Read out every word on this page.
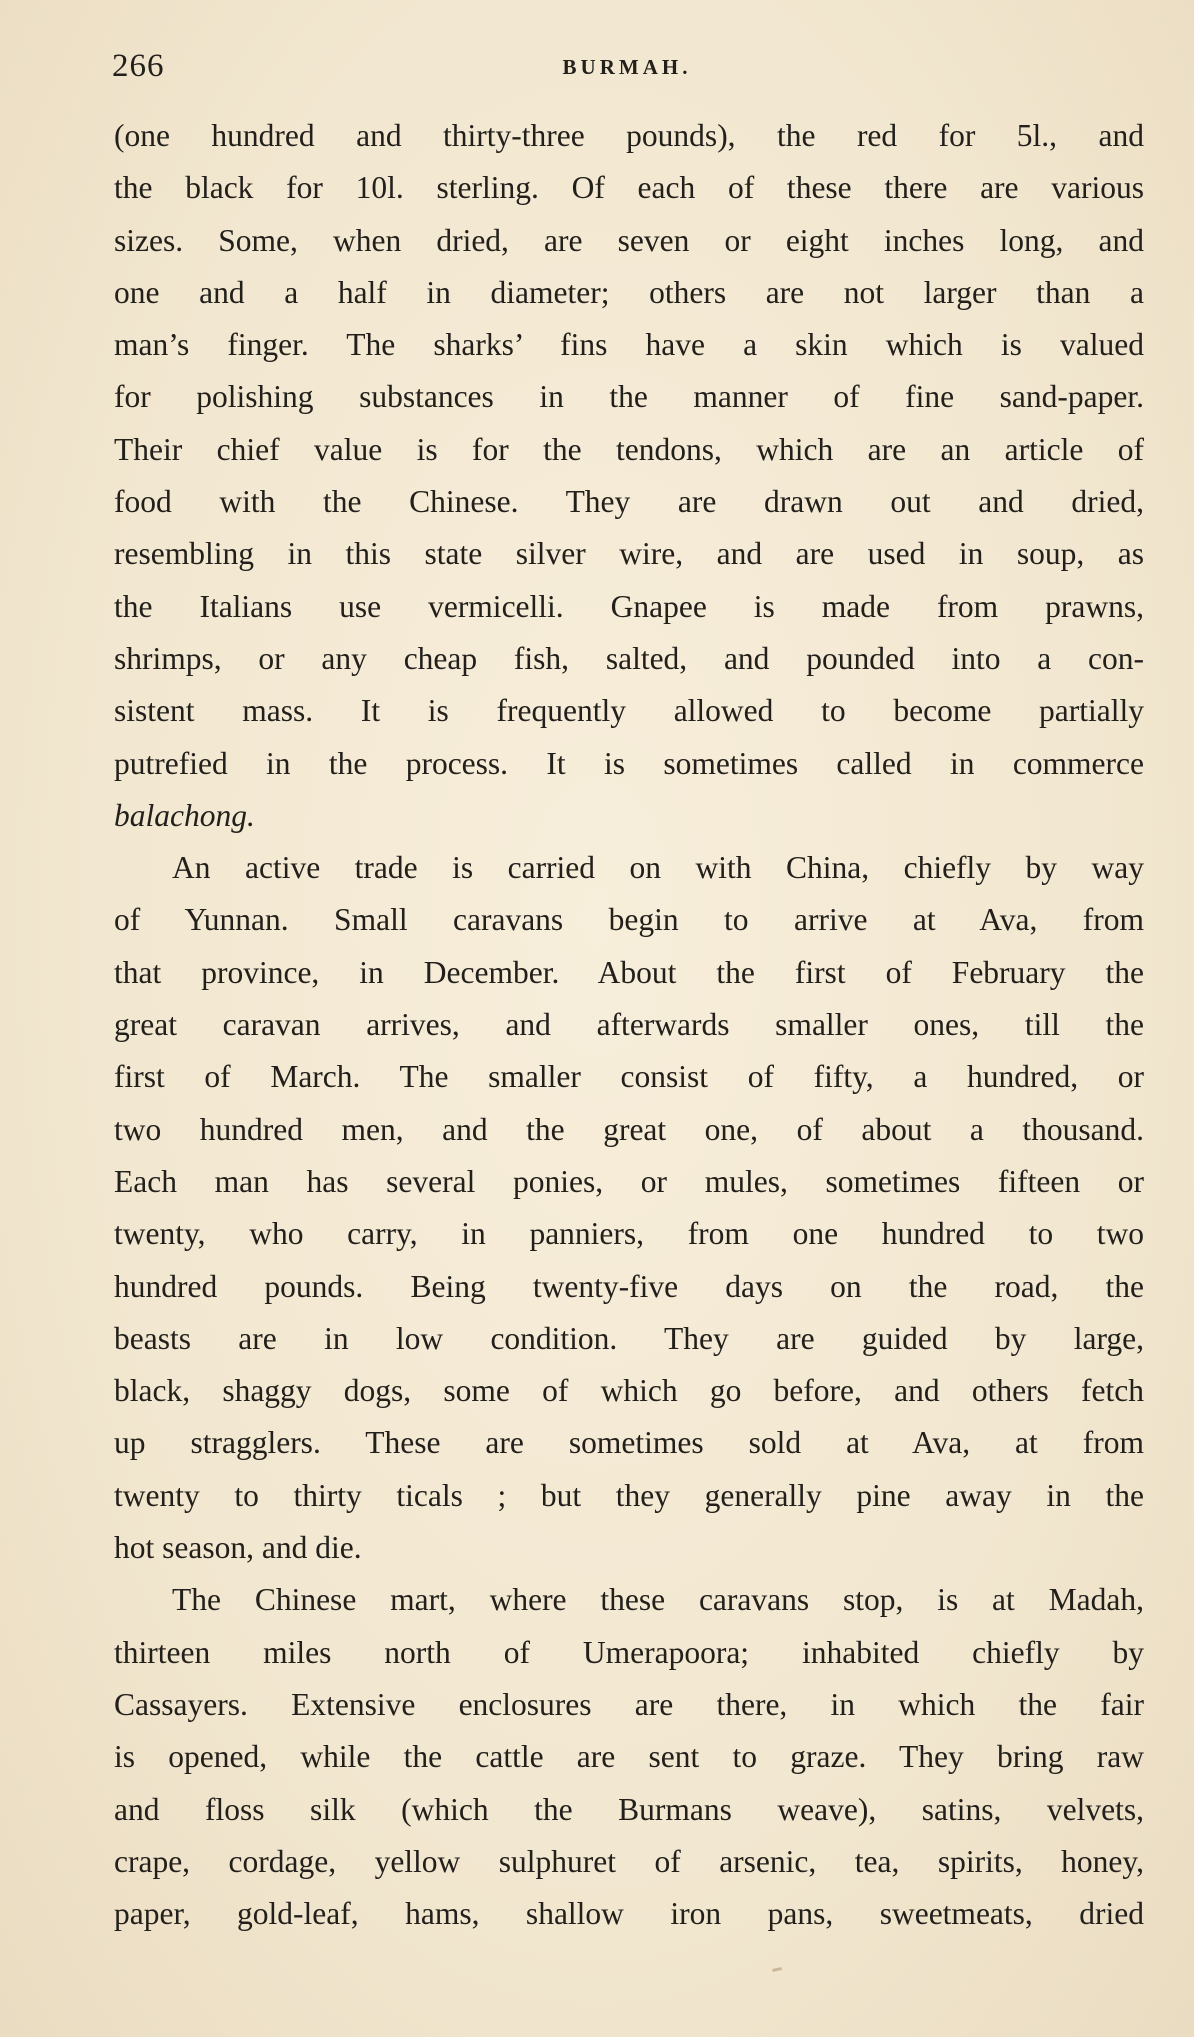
266	BURMAH.
(one hundred and thirty-three pounds), the red for 5l., and
the black for 10l. sterling. Of each of these there are various
sizes. Some, when dried, are seven or eight inches long, and
one and a half in diameter; others are not larger than a
man’s finger. The sharks’ fins have a skin which is valued
for polishing substances in the manner of fine sand-paper.
Their chief value is for the tendons, which are an article of
food with the Chinese. They are drawn out and dried,
resembling in this state silver wire, and are used in soup, as
the Italians use vermicelli. Gnapee is made from prawns,
shrimps, or any cheap fish, salted, and pounded into a con-
sistent mass. It is frequently allowed to become partially
putrefied in the process. It is sometimes called in commerce
balachong.
An active trade is carried on with China, chiefly by way
of Yunnan. Small caravans begin to arrive at Ava, from
that province, in December. About the first of February the
great caravan arrives, and afterwards smaller ones, till the
first of March. The smaller consist of fifty, a hundred, or
two hundred men, and the great one, of about a thousand.
Each man has several ponies, or mules, sometimes fifteen or
twenty, who carry, in panniers, from one hundred to two
hundred pounds. Being twenty-five days on the road, the
beasts are in low condition. They are guided by large,
black, shaggy dogs, some of which go before, and others fetch
up stragglers. These are sometimes sold at Ava, at from
twenty to thirty ticals ; but they generally pine away in the
hot season, and die.
The Chinese mart, where these caravans stop, is at Madah,
thirteen miles north of Umerapoora; inhabited chiefly by
Cassayers. Extensive enclosures are there, in which the fair
is opened, while the cattle are sent to graze. They bring raw
and floss silk (which the Burmans weave), satins, velvets,
crape, cordage, yellow sulphuret of arsenic, tea, spirits, honey,
paper, gold-leaf, hams, shallow iron pans, sweetmeats, dried
